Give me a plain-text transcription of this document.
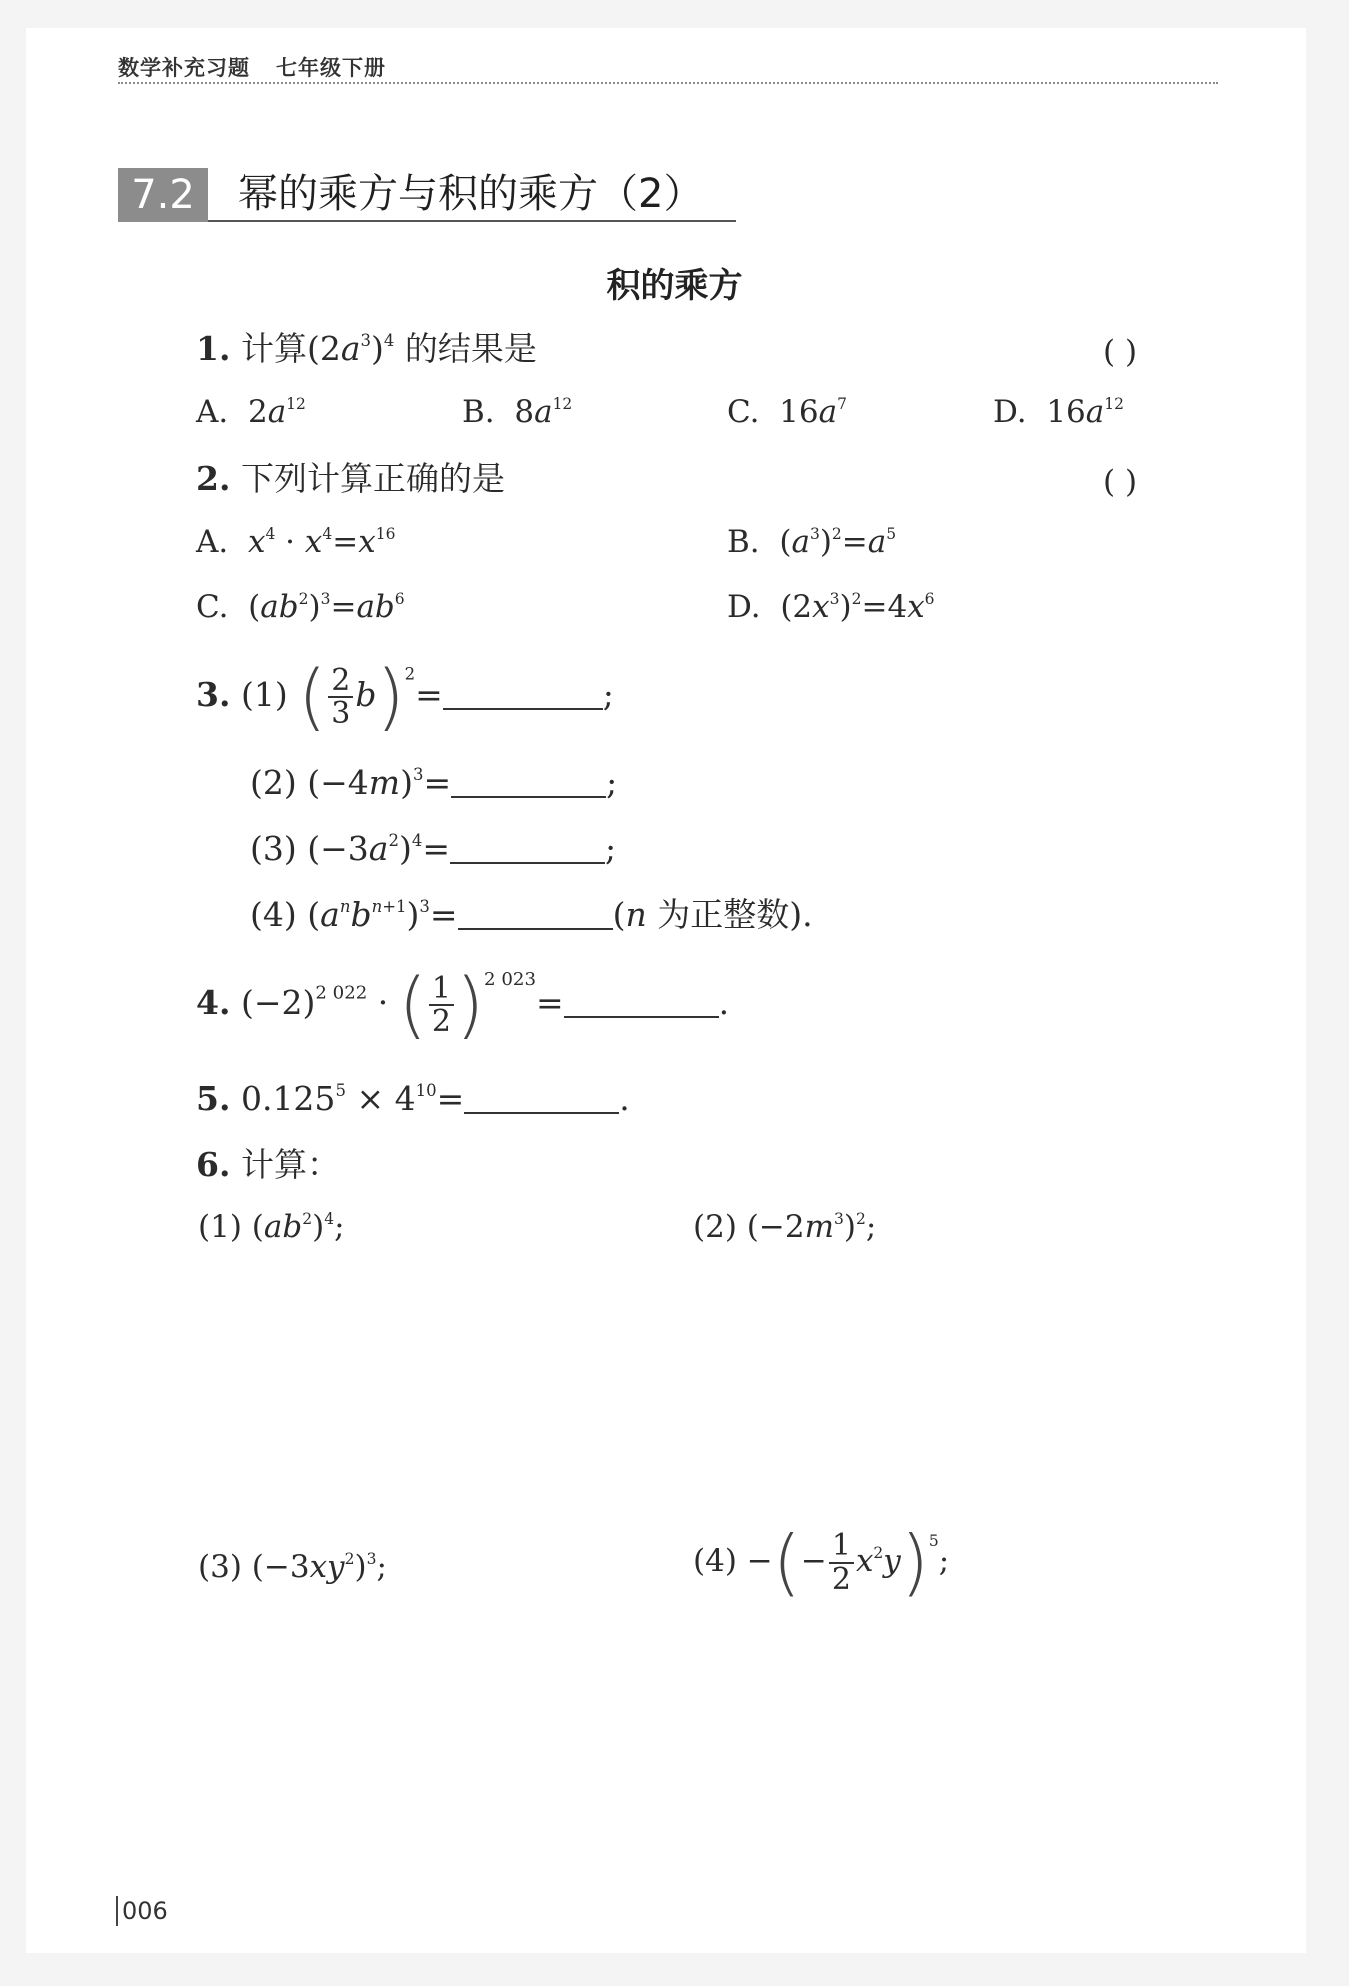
数学补充习题 七年级下册
7.2	幂的乘方与积的乘方（2）
积的乘方
1. 计算$(2a^3)^4$ 的结果是	( )
A.  $2a^{12}$	B.  $8a^{12}$	C.  $16a^7$	D.  $16a^{12}$
2. 下列计算正确的是	( )
A. $x^4 \cdot x^4=x^{16}$	B.  $(a^3)^2=a^5$
C.  $(ab^2)^3=ab^6$	D.  $(2x^3)^2=4x^6$
3. (1) ( $\frac{2}{3} b)^2=$	;
(2) $(-4m)^3=$	;
(3) $(-3a^2)^4=$	;
(4) $(a^nb^{n+1})^3=$	(n 为正整数).
4. $(-2)^{2 022}$ · ( $\frac{1}{2} )^{2 023}=$	.
5. $0.125^5 \times 4^{10}=$	.
6. 计算：
(1) $(ab^2)^4$;	(2) $(-2m^3)^2$;
(3) $(-3xy^2)^3$;	(4) −(− $\frac{1}{2} x^2y)^5$;
006
